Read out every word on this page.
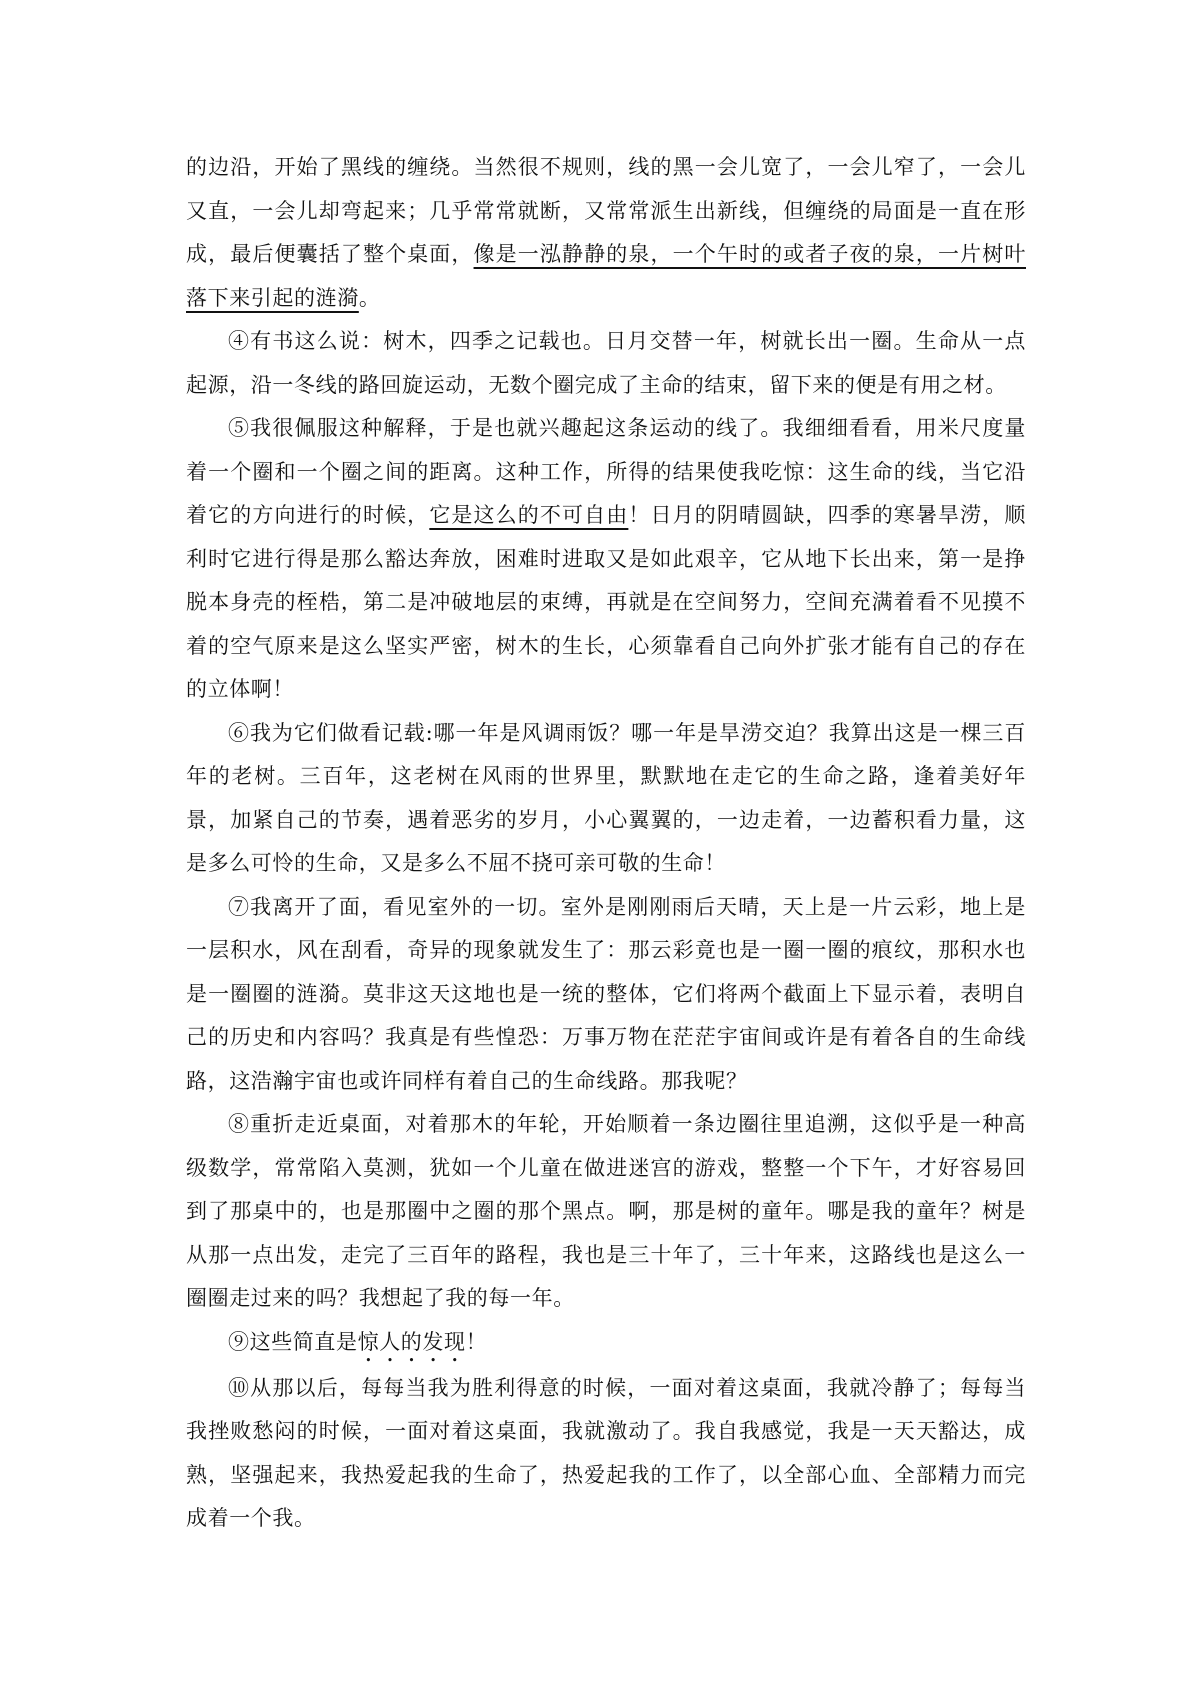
的边沿，开始了黑线的缠绕。当然很不规则，线的黑一会儿宽了，一会儿窄了，一会儿又直，一会儿却弯起来；几乎常常就断，又常常派生出新线，但缠绕的局面是一直在形成，最后便囊括了整个桌面，像是一泓静静的泉，一个午时的或者子夜的泉，一片树叶落下来引起的涟漪。

④有书这么说：树木，四季之记载也。日月交替一年，树就长出一圈。生命从一点起源，沿一冬线的路回旋运动，无数个圈完成了主命的结束，留下来的便是有用之材。

⑤我很佩服这种解释，于是也就兴趣起这条运动的线了。我细细看看，用米尺度量着一个圈和一个圈之间的距离。这种工作，所得的结果使我吃惊：这生命的线，当它沿着它的方向进行的时候，它是这么的不可自由！日月的阴晴圆缺，四季的寒暑旱涝，顺利时它进行得是那么豁达奔放，困难时进取又是如此艰辛，它从地下长出来，第一是挣脱本身壳的桎梏，第二是冲破地层的束缚，再就是在空间努力，空间充满着看不见摸不着的空气原来是这么坚实严密，树木的生长，心须靠看自己向外扩张才能有自己的存在的立体啊！

⑥我为它们做看记载:哪一年是风调雨饭？哪一年是旱涝交迫？我算出这是一棵三百年的老树。三百年，这老树在风雨的世界里，默默地在走它的生命之路，逢着美好年景，加紧自己的节奏，遇着恶劣的岁月，小心翼翼的，一边走着，一边蓄积看力量，这是多么可怜的生命，又是多么不屈不挠可亲可敬的生命！

⑦我离开了面，看见室外的一切。室外是刚刚雨后天晴，天上是一片云彩，地上是一层积水，风在刮看，奇异的现象就发生了：那云彩竟也是一圈一圈的痕纹，那积水也是一圈圈的涟漪。莫非这天这地也是一统的整体，它们将两个截面上下显示着，表明自己的历史和内容吗？我真是有些惶恐：万事万物在茫茫宇宙间或许是有着各自的生命线路，这浩瀚宇宙也或许同样有着自己的生命线路。那我呢？

⑧重折走近桌面，对着那木的年轮，开始顺着一条边圈往里追溯，这似乎是一种高级数学，常常陷入莫测，犹如一个儿童在做进迷宫的游戏，整整一个下午，才好容易回到了那桌中的，也是那圈中之圈的那个黑点。啊，那是树的童年。哪是我的童年？树是从那一点出发，走完了三百年的路程，我也是三十年了，三十年来，这路线也是这么一圈圈走过来的吗？我想起了我的每一年。

⑨这些简直是惊人的发现！

⑩从那以后，每每当我为胜利得意的时候，一面对着这桌面，我就冷静了；每每当我挫败愁闷的时候，一面对着这桌面，我就激动了。我自我感觉，我是一天天豁达，成熟，坚强起来，我热爱起我的生命了，热爱起我的工作了，以全部心血、全部精力而完成着一个我。
